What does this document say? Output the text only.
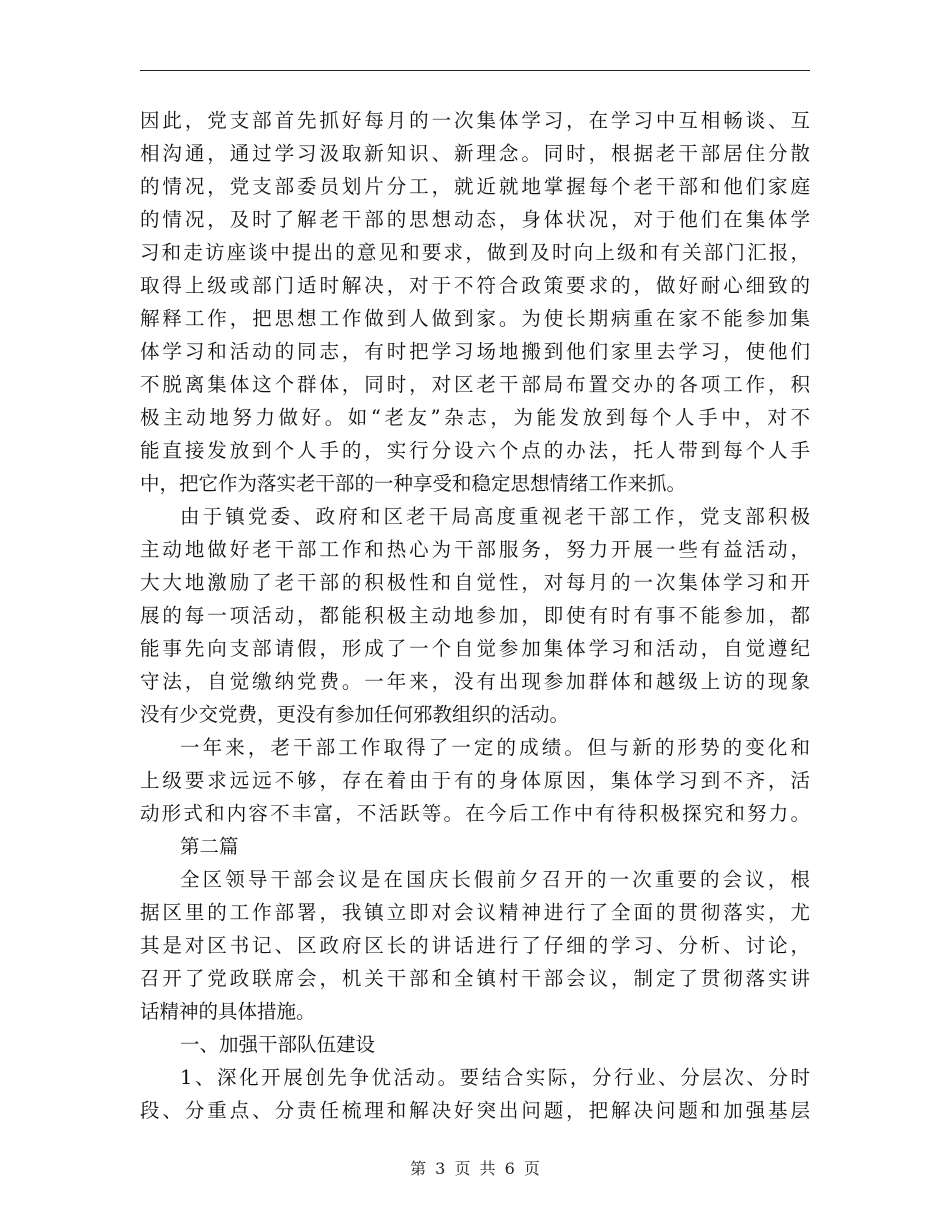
因此，党支部首先抓好每月的一次集体学习，在学习中互相畅谈、互
相沟通，通过学习汲取新知识、新理念。同时，根据老干部居住分散
的情况，党支部委员划片分工，就近就地掌握每个老干部和他们家庭
的情况，及时了解老干部的思想动态，身体状况，对于他们在集体学
习和走访座谈中提出的意见和要求，做到及时向上级和有关部门汇报，
取得上级或部门适时解决，对于不符合政策要求的，做好耐心细致的
解释工作，把思想工作做到人做到家。为使长期病重在家不能参加集
体学习和活动的同志，有时把学习场地搬到他们家里去学习，使他们
不脱离集体这个群体，同时，对区老干部局布置交办的各项工作，积
极主动地努力做好。如“老友”杂志，为能发放到每个人手中，对不
能直接发放到个人手的，实行分设六个点的办法，托人带到每个人手
中，把它作为落实老干部的一种享受和稳定思想情绪工作来抓。
由于镇党委、政府和区老干局高度重视老干部工作，党支部积极
主动地做好老干部工作和热心为干部服务，努力开展一些有益活动，
大大地激励了老干部的积极性和自觉性，对每月的一次集体学习和开
展的每一项活动，都能积极主动地参加，即使有时有事不能参加，都
能事先向支部请假，形成了一个自觉参加集体学习和活动，自觉遵纪
守法，自觉缴纳党费。一年来，没有出现参加群体和越级上访的现象
没有少交党费，更没有参加任何邪教组织的活动。
一年来，老干部工作取得了一定的成绩。但与新的形势的变化和
上级要求远远不够，存在着由于有的身体原因，集体学习到不齐，活
动形式和内容不丰富，不活跃等。在今后工作中有待积极探究和努力。
第二篇
全区领导干部会议是在国庆长假前夕召开的一次重要的会议，根
据区里的工作部署，我镇立即对会议精神进行了全面的贯彻落实，尤
其是对区书记、区政府区长的讲话进行了仔细的学习、分析、讨论，
召开了党政联席会，机关干部和全镇村干部会议，制定了贯彻落实讲
话精神的具体措施。
一、加强干部队伍建设
1、深化开展创先争优活动。要结合实际，分行业、分层次、分时
段、分重点、分责任梳理和解决好突出问题，把解决问题和加强基层
第 3 页 共 6 页
